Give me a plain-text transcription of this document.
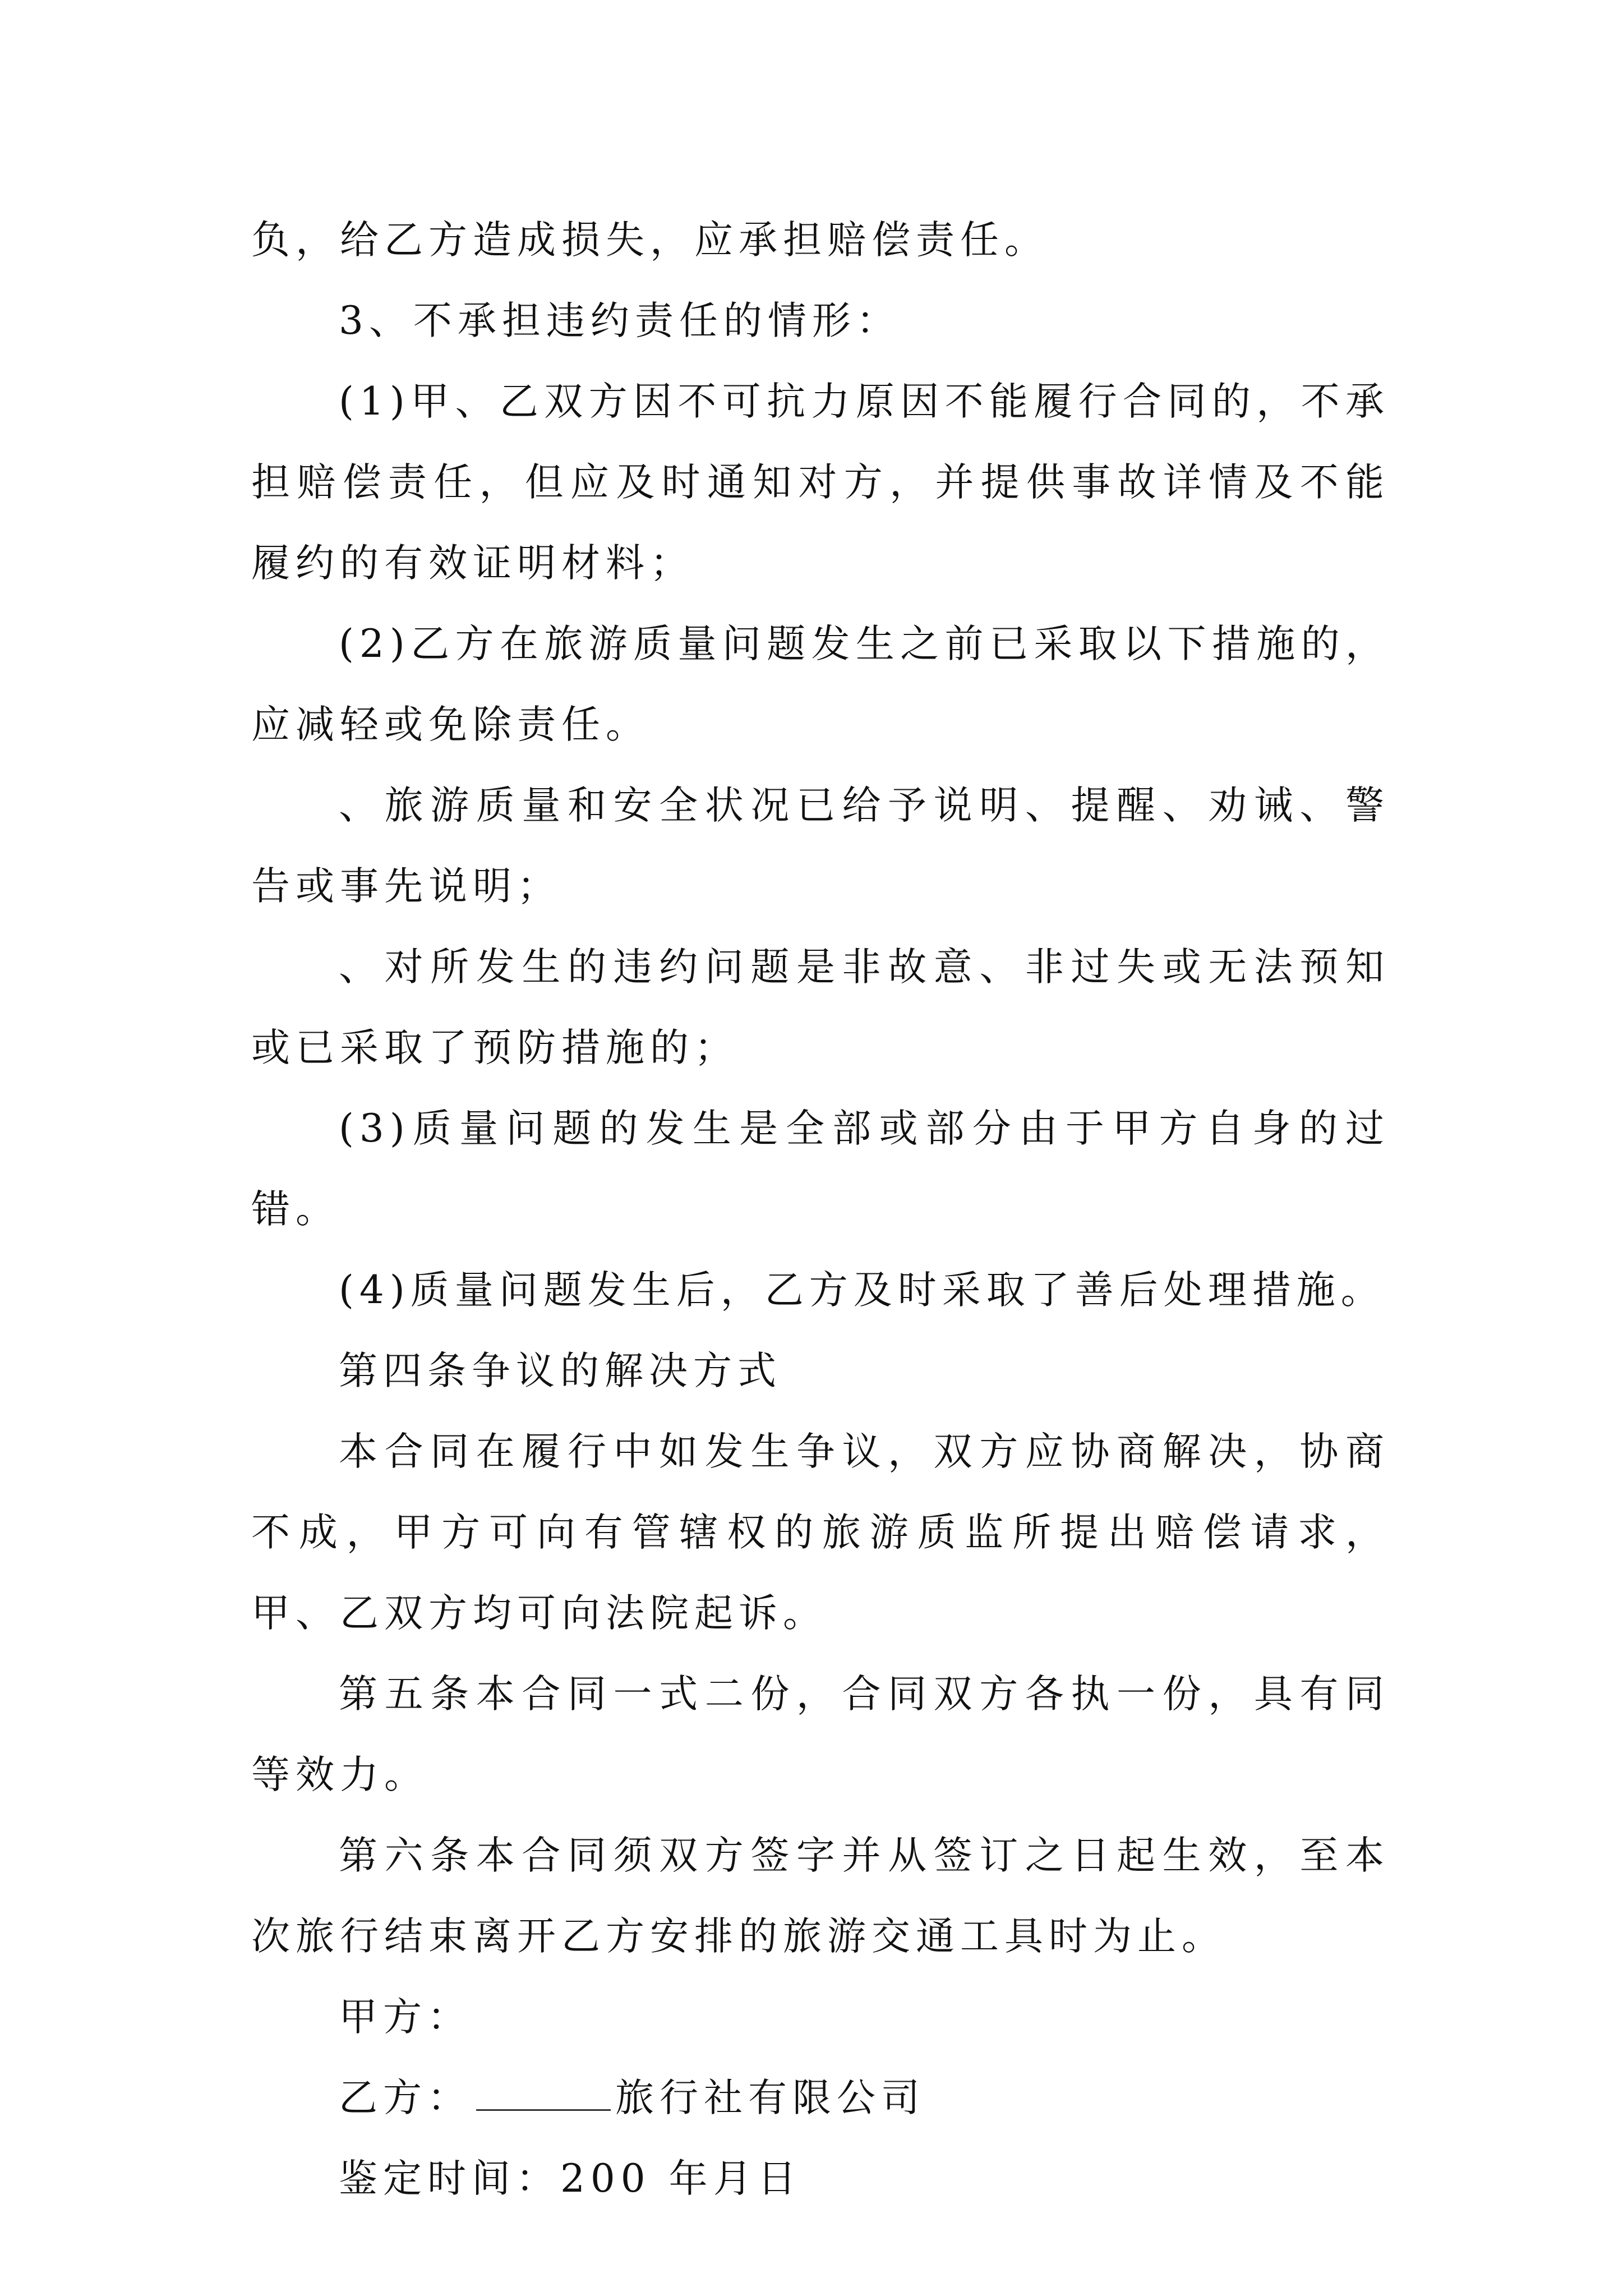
负，给乙方造成损失，应承担赔偿责任。

3、不承担违约责任的情形：

(1)甲、乙双方因不可抗力原因不能履行合同的，不承担赔偿责任，但应及时通知对方，并提供事故详情及不能履约的有效证明材料；

(2)乙方在旅游质量问题发生之前已采取以下措施的，应减轻或免除责任。

、旅游质量和安全状况已给予说明、提醒、劝诫、警告或事先说明；

、对所发生的违约问题是非故意、非过失或无法预知或已采取了预防措施的；

(3)质量问题的发生是全部或部分由于甲方自身的过错。

(4)质量问题发生后，乙方及时采取了善后处理措施。

第四条争议的解决方式

本合同在履行中如发生争议，双方应协商解决，协商不成，甲方可向有管辖权的旅游质监所提出赔偿请求，甲、乙双方均可向法院起诉。

第五条本合同一式二份，合同双方各执一份，具有同等效力。

第六条本合同须双方签字并从签订之日起生效，至本次旅行结束离开乙方安排的旅游交通工具时为止。

甲方：

乙方：	旅行社有限公司

鉴定时间：200 年月日
